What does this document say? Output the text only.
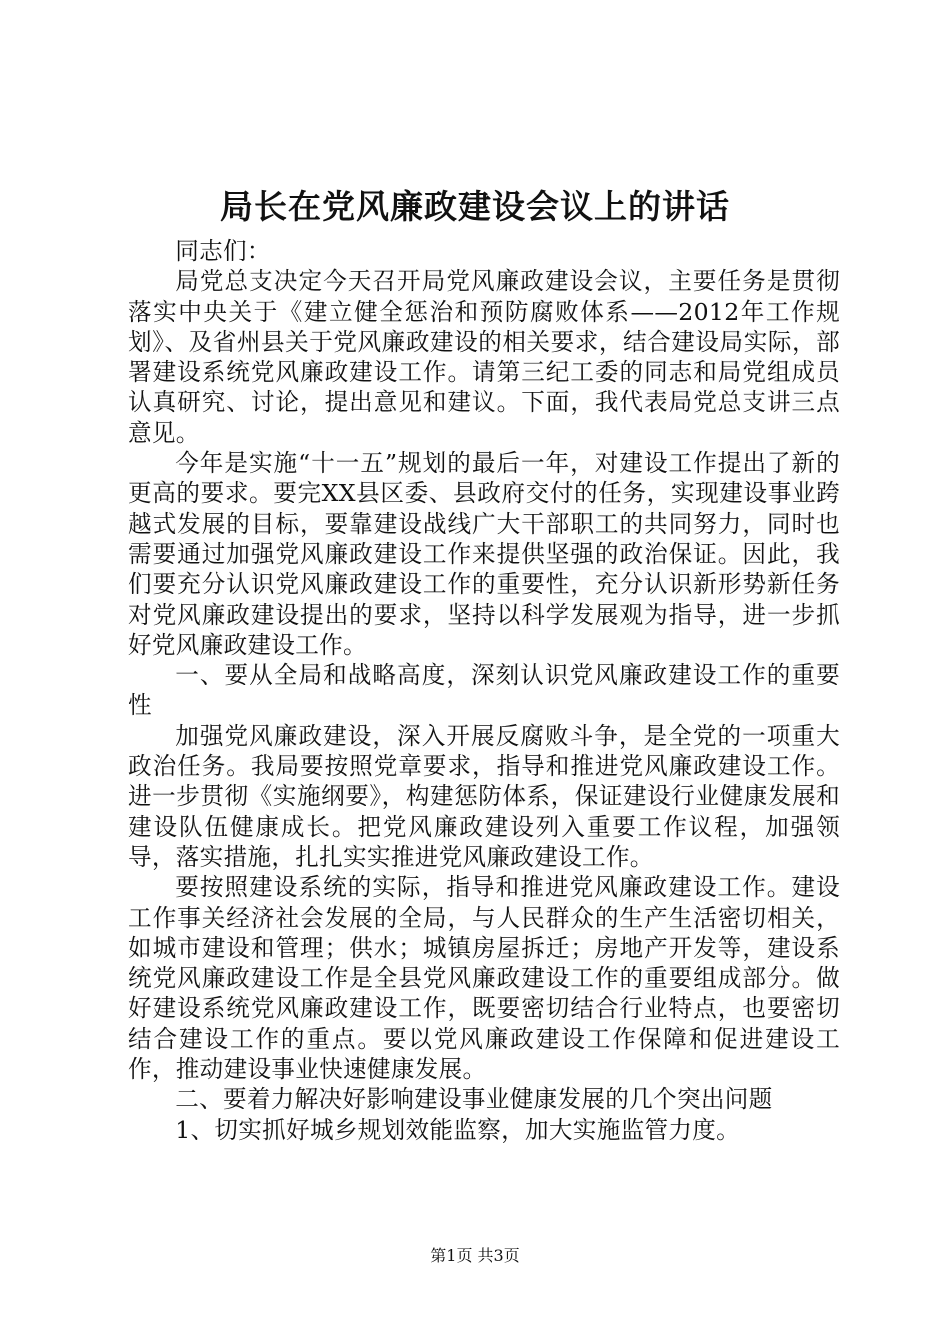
局长在党风廉政建设会议上的讲话

同志们：

局党总支决定今天召开局党风廉政建设会议，主要任务是贯彻落实中央关于《建立健全惩治和预防腐败体系——2012年工作规划》、及省州县关于党风廉政建设的相关要求，结合建设局实际，部署建设系统党风廉政建设工作。请第三纪工委的同志和局党组成员认真研究、讨论，提出意见和建议。下面，我代表局党总支讲三点意见。

今年是实施“十一五”规划的最后一年，对建设工作提出了新的更高的要求。要完XX县区委、县政府交付的任务，实现建设事业跨越式发展的目标，要靠建设战线广大干部职工的共同努力，同时也需要通过加强党风廉政建设工作来提供坚强的政治保证。因此，我们要充分认识党风廉政建设工作的重要性，充分认识新形势新任务对党风廉政建设提出的要求，坚持以科学发展观为指导，进一步抓好党风廉政建设工作。

一、要从全局和战略高度，深刻认识党风廉政建设工作的重要性

加强党风廉政建设，深入开展反腐败斗争，是全党的一项重大政治任务。我局要按照党章要求，指导和推进党风廉政建设工作。进一步贯彻《实施纲要》，构建惩防体系，保证建设行业健康发展和建设队伍健康成长。把党风廉政建设列入重要工作议程，加强领导，落实措施，扎扎实实推进党风廉政建设工作。

要按照建设系统的实际，指导和推进党风廉政建设工作。建设工作事关经济社会发展的全局，与人民群众的生产生活密切相关，如城市建设和管理；供水；城镇房屋拆迁；房地产开发等，建设系统党风廉政建设工作是全县党风廉政建设工作的重要组成部分。做好建设系统党风廉政建设工作，既要密切结合行业特点，也要密切结合建设工作的重点。要以党风廉政建设工作保障和促进建设工作，推动建设事业快速健康发展。

二、要着力解决好影响建设事业健康发展的几个突出问题

1、切实抓好城乡规划效能监察，加大实施监管力度。

第1页 共3页
